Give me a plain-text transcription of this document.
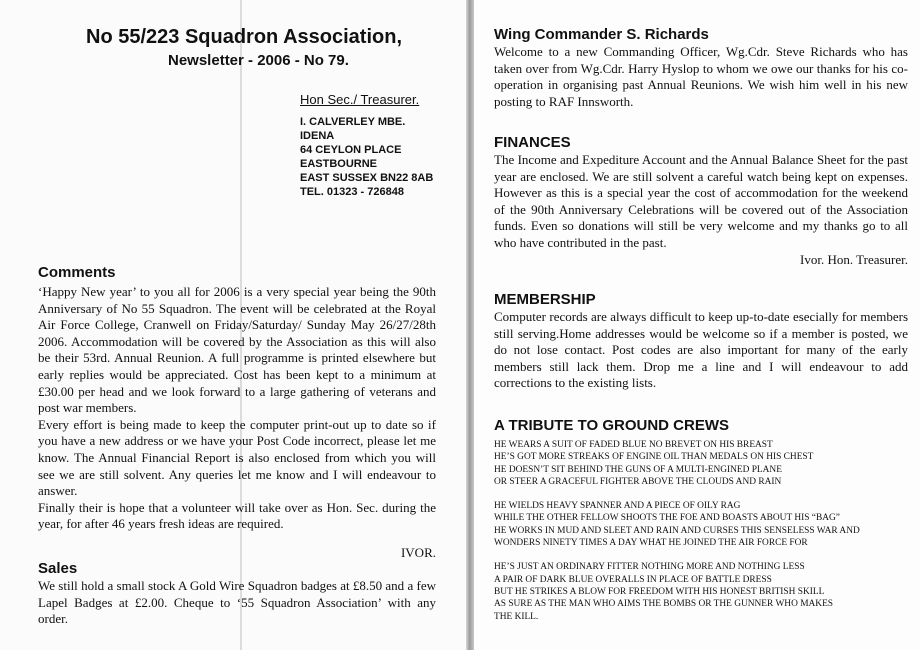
No 55/223 Squadron Association,
Newsletter - 2006 - No 79.
Hon Sec./ Treasurer.
I. CALVERLEY MBE.
IDENA
64 CEYLON PLACE
EASTBOURNE
EAST SUSSEX BN22 8AB
TEL. 01323 - 726848
Comments

‘Happy New year’ to you all for 2006 is a very special year being the 90th Anniversary of No 55 Squadron. The event will be celebrated at the Royal Air Force College, Cranwell on Friday/Saturday/ Sunday May 26/27/28th 2006. Accommodation will be covered by the Association as this will also be their 53rd. Annual Reunion. A full programme is printed elsewhere but early replies would be appreciated. Cost has been kept to a minimum at £30.00 per head and we look forward to a large gathering of veterans and post war members.

Every effort is being made to keep the computer print-out up to date so if you have a new address or we have your Post Code incorrect, please let me know. The Annual Financial Report is also enclosed from which you will see we are still solvent. Any queries let me know and I will endeavour to answer.

Finally their is hope that a volunteer will take over as Hon. Sec. during the year, for after 46 years fresh ideas are required.

IVOR.

Sales
We still hold a small stock A Gold Wire Squadron badges at £8.50 and a few Lapel Badges at £2.00. Cheque to ‘55 Squadron Association’ with any order.
Wing Commander S. Richards
Welcome to a new Commanding Officer, Wg.Cdr. Steve Richards who has taken over from Wg.Cdr. Harry Hyslop to whom we owe our thanks for his co-operation in organising past Annual Reunions. We wish him well in his new posting to RAF Innsworth.
FINANCES

The Income and Expediture Account and the Annual Balance Sheet for the past year are enclosed. We are still solvent a careful watch being kept on expenses. However as this is a special year the cost of accommodation for the weekend of the 90th Anniversary Celebrations will be covered out of the Association funds. Even so donations will still be very welcome and my thanks go to all who have contributed in the past.

Ivor. Hon. Treasurer.

MEMBERSHIP
Computer records are always difficult to keep up-to-date esecially for members still serving.Home addresses would be welcome so if a member is posted, we do not lose contact. Post codes are also important for many of the early members still lack them. Drop me a line and I will endeavour to add corrections to the existing lists.
A TRIBUTE TO GROUND CREWS

HE WEARS A SUIT OF FADED BLUE NO BREVET ON HIS BREAST

HE’S GOT MORE STREAKS OF ENGINE OIL THAN MEDALS ON HIS CHEST

HE DOESN’T SIT BEHIND THE GUNS OF A MULTI-ENGINED PLANE

OR STEER A GRACEFUL FIGHTER ABOVE THE CLOUDS AND RAIN

HE WIELDS HEAVY SPANNER AND A PIECE OF OILY RAG

WHILE THE OTHER FELLOW SHOOTS THE FOE AND BOASTS ABOUT HIS “BAG”

HE WORKS IN MUD AND SLEET AND RAIN AND CURSES THIS SENSELESS WAR AND

WONDERS NINETY TIMES A DAY WHAT HE JOINED THE AIR FORCE FOR

HE’S JUST AN ORDINARY FITTER NOTHING MORE AND NOTHING LESS

A PAIR OF DARK BLUE OVERALLS IN PLACE OF BATTLE DRESS

BUT HE STRIKES A BLOW FOR FREEDOM WITH HIS HONEST BRITISH SKILL

AS SURE AS THE MAN WHO AIMS THE BOMBS OR THE GUNNER WHO MAKES

THE KILL.
